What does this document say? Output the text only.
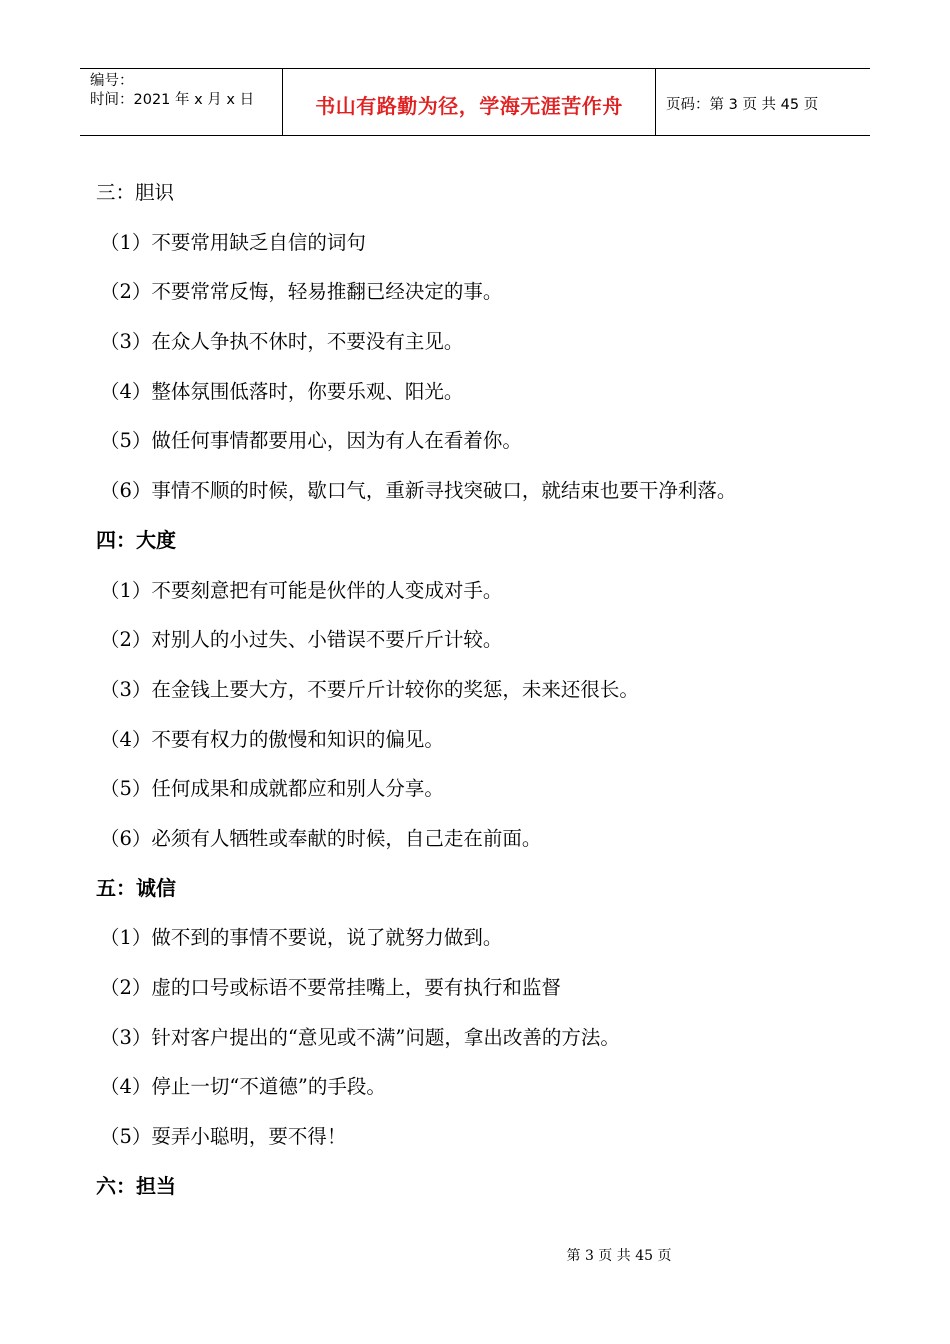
编号：
时间：2021 年 x 月 x 日	书山有路勤为径，学海无涯苦作舟	页码：第 3 页 共 45 页
三：胆识
（1）不要常用缺乏自信的词句
（2）不要常常反悔，轻易推翻已经决定的事。
（3）在众人争执不休时，不要没有主见。
（4）整体氛围低落时，你要乐观、阳光。
（5）做任何事情都要用心，因为有人在看着你。
（6）事情不顺的时候，歇口气，重新寻找突破口，就结束也要干净利落。
四：大度
（1）不要刻意把有可能是伙伴的人变成对手。
（2）对别人的小过失、小错误不要斤斤计较。
（3）在金钱上要大方，不要斤斤计较你的奖惩，未来还很长。
（4）不要有权力的傲慢和知识的偏见。
（5）任何成果和成就都应和别人分享。
（6）必须有人牺牲或奉献的时候，自己走在前面。
五：诚信
（1）做不到的事情不要说，说了就努力做到。
（2）虚的口号或标语不要常挂嘴上，要有执行和监督
（3）针对客户提出的“意见或不满”问题，拿出改善的方法。
（4）停止一切“不道德”的手段。
（5）耍弄小聪明，要不得！
六：担当
第 3 页 共 45 页
